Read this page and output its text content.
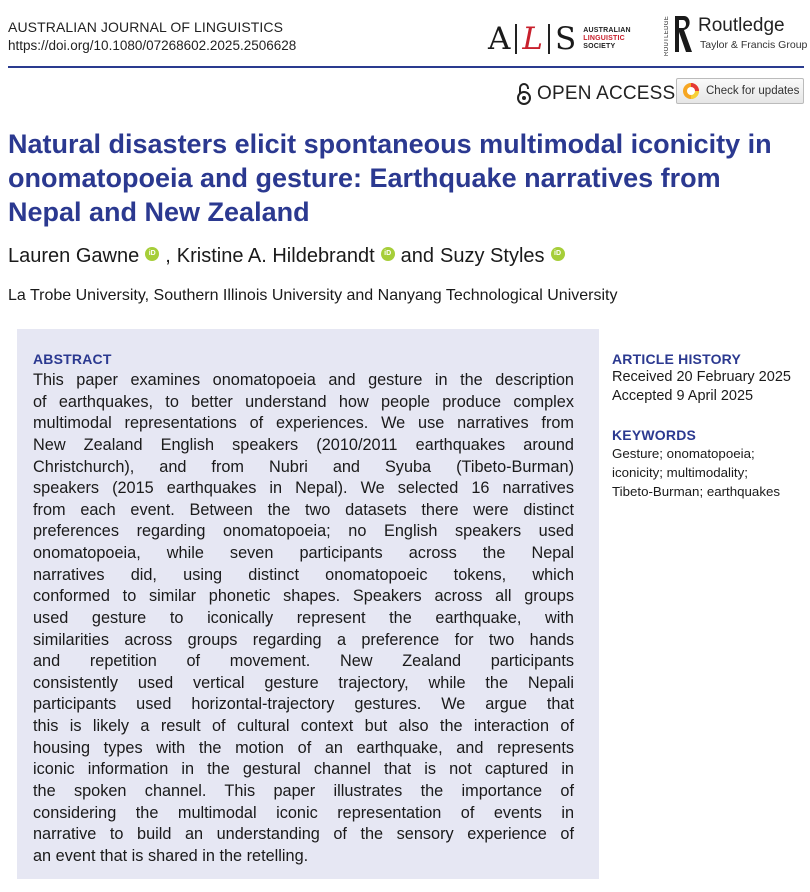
AUSTRALIAN JOURNAL OF LINGUISTICS
https://doi.org/10.1080/07268602.2025.2506628	A L S AUSTRALIAN
LINGUISTIC
SOCIETY	ROUTLEDGE Routledge
Taylor & Francis Group
OPEN ACCESS	Check for updates
Natural disasters elicit spontaneous multimodal iconicity in
onomatopoeia and gesture: Earthquake narratives from
Nepal and New Zealand
Lauren Gawne	iD , Kristine A. Hildebrandt	iD and Suzy Styles	iD
La Trobe University, Southern Illinois University and Nanyang Technological University
ABSTRACT
This paper examines onomatopoeia and gesture in the description
of earthquakes, to better understand how people produce complex
multimodal representations of experiences. We use narratives from
New Zealand English speakers (2010/2011 earthquakes around
Christchurch), and from Nubri and Syuba (Tibeto-Burman)
speakers (2015 earthquakes in Nepal). We selected 16 narratives
from each event. Between the two datasets there were distinct
preferences regarding onomatopoeia; no English speakers used
onomatopoeia, while seven participants across the Nepal
narratives did, using distinct onomatopoeic tokens, which
conformed to similar phonetic shapes. Speakers across all groups
used gesture to iconically represent the earthquake, with
similarities across groups regarding a preference for two hands
and repetition of movement. New Zealand participants
consistently used vertical gesture trajectory, while the Nepali
participants used horizontal-trajectory gestures. We argue that
this is likely a result of cultural context but also the interaction of
housing types with the motion of an earthquake, and represents
iconic information in the gestural channel that is not captured in
the spoken channel. This paper illustrates the importance of
considering the multimodal iconic representation of events in
narrative to build an understanding of the sensory experience of
an event that is shared in the retelling.
ARTICLE HISTORY
Received 20 February 2025
Accepted 9 April 2025
KEYWORDS
Gesture; onomatopoeia;
iconicity; multimodality;
Tibeto-Burman; earthquakes
